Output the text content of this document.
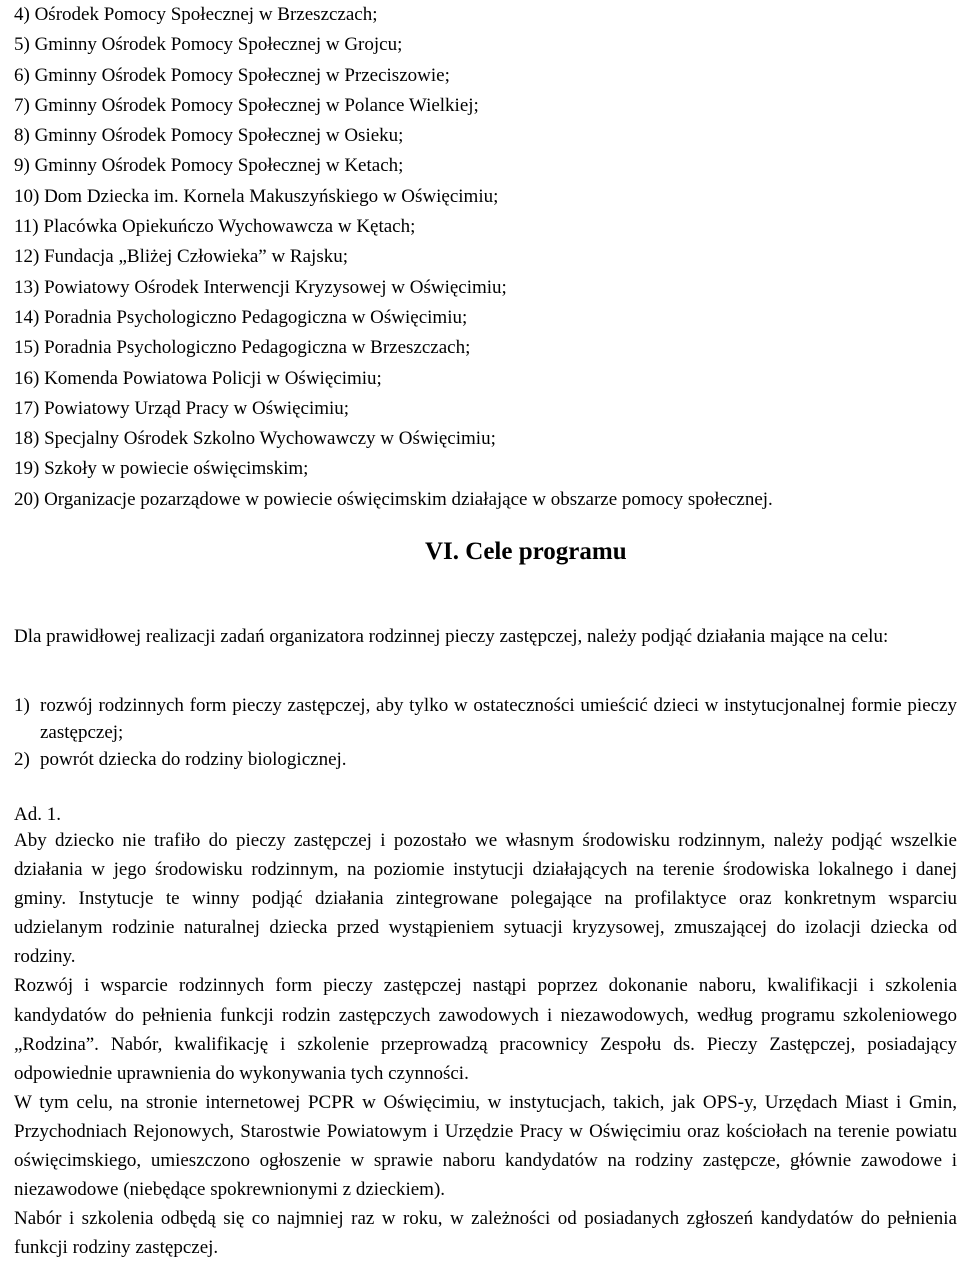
4) Ośrodek Pomocy Społecznej w Brzeszczach;
5) Gminny Ośrodek Pomocy Społecznej w Grojcu;
6) Gminny Ośrodek Pomocy Społecznej w Przeciszowie;
7) Gminny Ośrodek Pomocy Społecznej w Polance Wielkiej;
8) Gminny Ośrodek Pomocy Społecznej w Osieku;
9) Gminny Ośrodek Pomocy Społecznej w Ketach;
10) Dom Dziecka im. Kornela Makuszyńskiego w Oświęcimiu;
11) Placówka Opiekuńczo Wychowawcza w Kętach;
12) Fundacja „Bliżej Człowieka” w Rajsku;
13) Powiatowy Ośrodek Interwencji Kryzysowej w Oświęcimiu;
14) Poradnia Psychologiczno Pedagogiczna w Oświęcimiu;
15) Poradnia Psychologiczno Pedagogiczna w Brzeszczach;
16) Komenda Powiatowa Policji w Oświęcimiu;
17) Powiatowy Urząd Pracy w Oświęcimiu;
18) Specjalny Ośrodek Szkolno Wychowawczy w Oświęcimiu;
19) Szkoły w powiecie oświęcimskim;
20) Organizacje pozarządowe w powiecie oświęcimskim działające w obszarze pomocy społecznej.
VI. Cele programu
Dla prawidłowej realizacji zadań organizatora rodzinnej pieczy zastępczej, należy podjąć działania mające na celu:
1) rozwój rodzinnych form pieczy zastępczej, aby tylko w ostateczności umieścić dzieci w instytucjonalnej formie pieczy zastępczej;
2) powrót dziecka do rodziny biologicznej.
Ad. 1.

Aby dziecko nie trafiło do pieczy zastępczej i pozostało we własnym środowisku rodzinnym, należy podjąć wszelkie działania w jego środowisku rodzinnym, na poziomie instytucji działających na terenie środowiska lokalnego i danej gminy. Instytucje te winny podjąć działania zintegrowane polegające na profilaktyce oraz konkretnym wsparciu udzielanym rodzinie naturalnej dziecka przed wystąpieniem sytuacji kryzysowej, zmuszającej do izolacji dziecka od rodziny.

Rozwój i wsparcie rodzinnych form pieczy zastępczej nastąpi poprzez dokonanie naboru, kwalifikacji i szkolenia kandydatów do pełnienia funkcji rodzin zastępczych zawodowych i niezawodowych, według programu szkoleniowego „Rodzina”. Nabór, kwalifikację i szkolenie przeprowadzą pracownicy Zespołu ds. Pieczy Zastępczej, posiadający odpowiednie uprawnienia do wykonywania tych czynności.

W tym celu, na stronie internetowej PCPR w Oświęcimiu, w instytucjach, takich, jak OPS-y, Urzędach Miast i Gmin, Przychodniach Rejonowych, Starostwie Powiatowym i Urzędzie Pracy w Oświęcimiu oraz kościołach na terenie powiatu oświęcimskiego, umieszczono ogłoszenie w sprawie naboru kandydatów na rodziny zastępcze, głównie zawodowe i niezawodowe (niebędące spokrewnionymi z dzieckiem).

Nabór i szkolenia odbędą się co najmniej raz w roku, w zależności od posiadanych zgłoszeń kandydatów do pełnienia funkcji rodziny zastępczej.
